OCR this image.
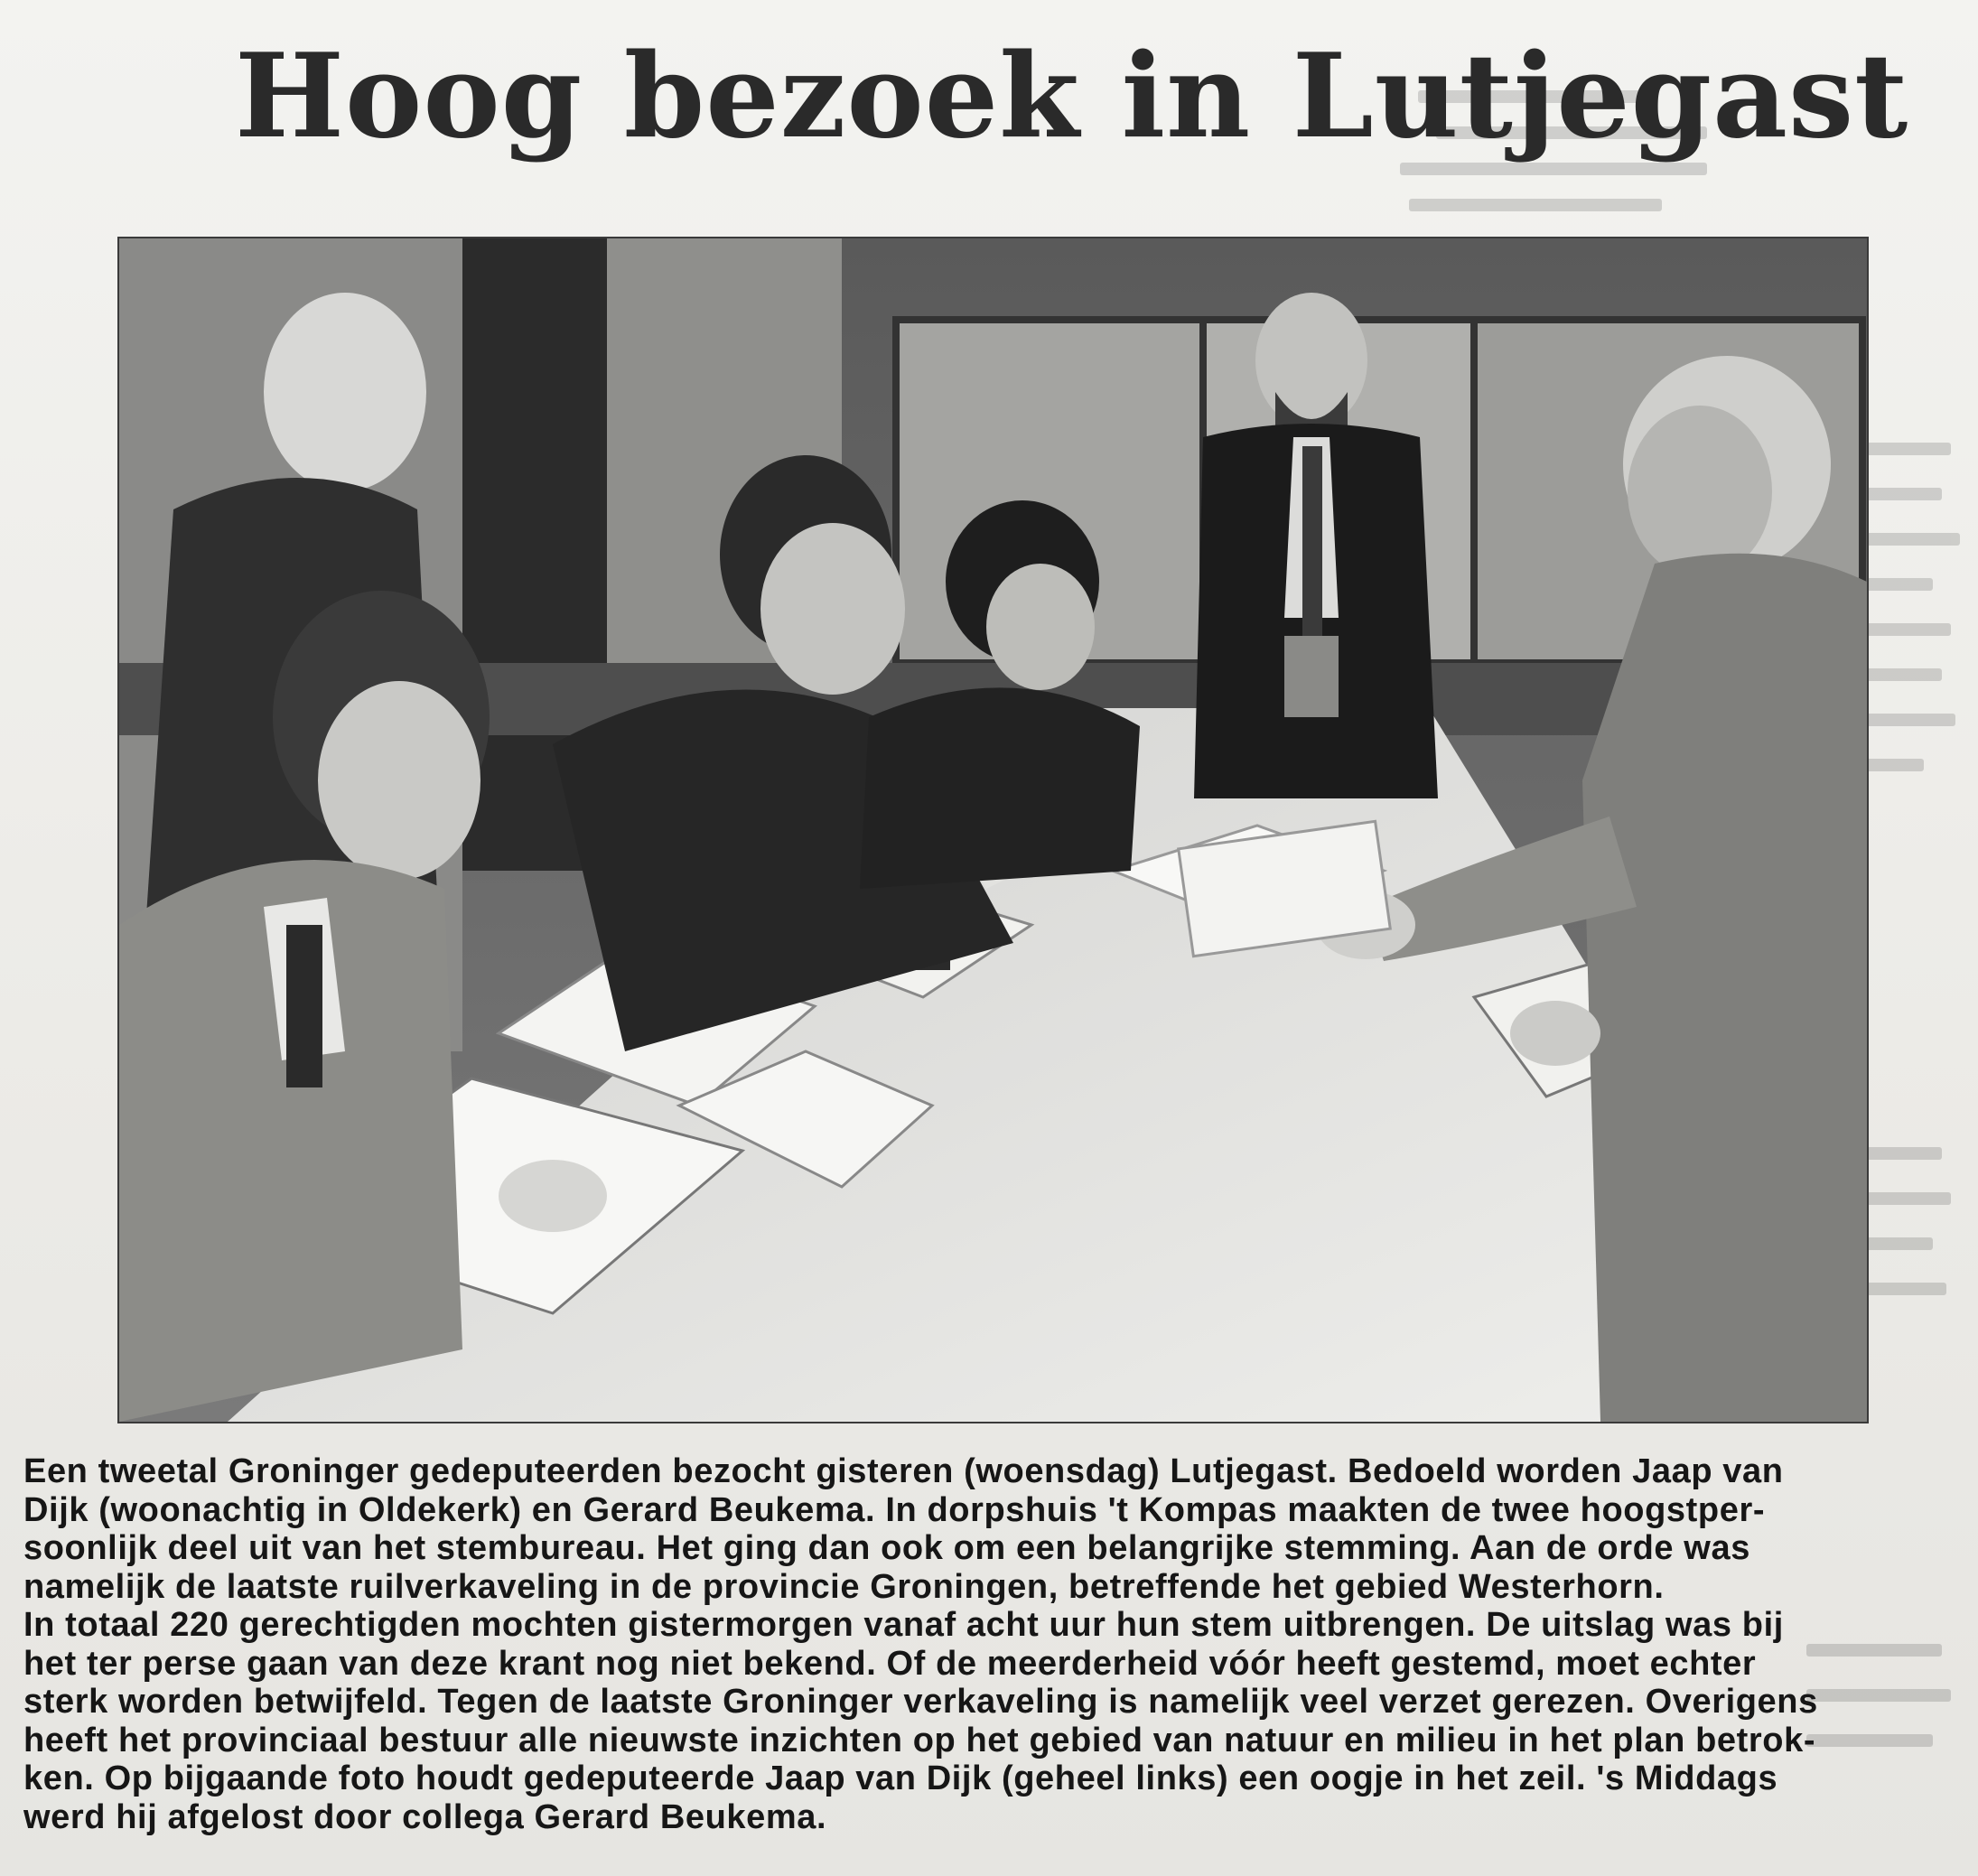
Hoog bezoek in Lutjegast
Een tweetal Groninger gedeputeerden bezocht gisteren (woensdag) Lutjegast. Bedoeld worden Jaap van
Dijk (woonachtig in Oldekerk) en Gerard Beukema. In dorpshuis 't Kompas maakten de twee hoogstper-
soonlijk deel uit van het stembureau. Het ging dan ook om een belangrijke stemming. Aan de orde was
namelijk de laatste ruilverkaveling in de provincie Groningen, betreffende het gebied Westerhorn.
In totaal 220 gerechtigden mochten gistermorgen vanaf acht uur hun stem uitbrengen. De uitslag was bij
het ter perse gaan van deze krant nog niet bekend. Of de meerderheid vóór heeft gestemd, moet echter
sterk worden betwijfeld. Tegen de laatste Groninger verkaveling is namelijk veel verzet gerezen. Overigens
heeft het provinciaal bestuur alle nieuwste inzichten op het gebied van natuur en milieu in het plan betrok-
ken. Op bijgaande foto houdt gedeputeerde Jaap van Dijk (geheel links) een oogje in het zeil. 's Middags
werd hij afgelost door collega Gerard Beukema.
